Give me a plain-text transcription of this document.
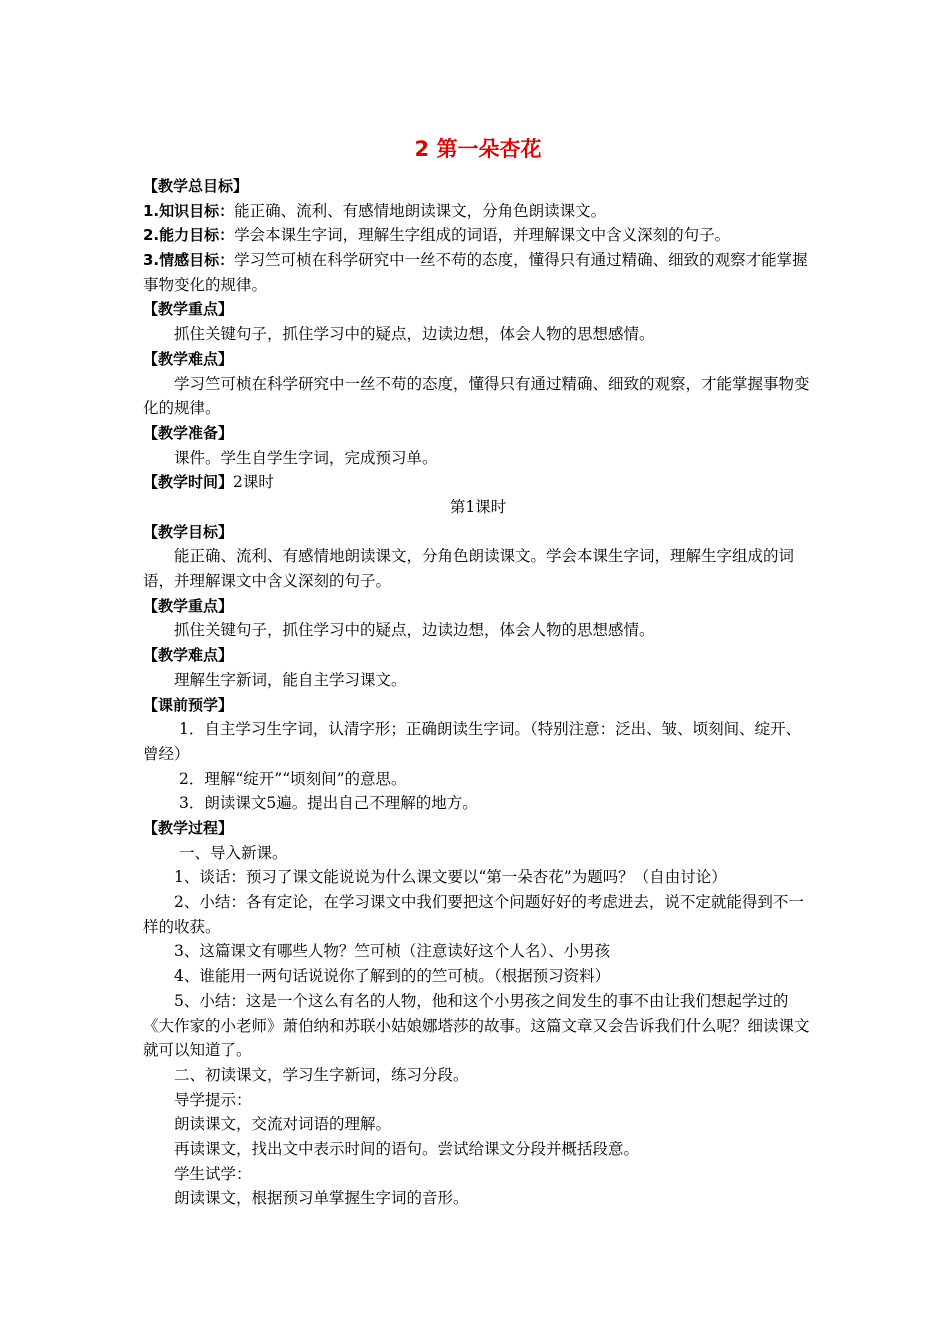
2 第一朵杏花
【教学总目标】
1.知识目标：能正确、流利、有感情地朗读课文，分角色朗读课文。
2.能力目标：学会本课生字词，理解生字组成的词语，并理解课文中含义深刻的句子。
3.情感目标：学习竺可桢在科学研究中一丝不苟的态度，懂得只有通过精确、细致的观察才能掌握事物变化的规律。
【教学重点】
抓住关键句子，抓住学习中的疑点，边读边想，体会人物的思想感情。
【教学难点】
学习竺可桢在科学研究中一丝不苟的态度，懂得只有通过精确、细致的观察，才能掌握事物变化的规律。
【教学准备】
课件。学生自学生字词，完成预习单。
【教学时间】2课时
第1课时
【教学目标】
能正确、流利、有感情地朗读课文，分角色朗读课文。学会本课生字词，理解生字组成的词语，并理解课文中含义深刻的句子。
【教学重点】
抓住关键句子，抓住学习中的疑点，边读边想，体会人物的思想感情。
【教学难点】
理解生字新词，能自主学习课文。
【课前预学】
1．自主学习生字词，认清字形；正确朗读生字词。（特别注意：泛出、皱、顷刻间、绽开、曾经）
2．理解“绽开”“顷刻间”的意思。
3．朗读课文5遍。提出自己不理解的地方。
【教学过程】
一、导入新课。
1、谈话：预习了课文能说说为什么课文要以“第一朵杏花”为题吗？（自由讨论）
2、小结：各有定论，在学习课文中我们要把这个问题好好的考虑进去，说不定就能得到不一样的收获。
3、这篇课文有哪些人物？竺可桢（注意读好这个人名）、小男孩
4、谁能用一两句话说说你了解到的的竺可桢。（根据预习资料）
5、小结：这是一个这么有名的人物，他和这个小男孩之间发生的事不由让我们想起学过的《大作家的小老师》萧伯纳和苏联小姑娘娜塔莎的故事。这篇文章又会告诉我们什么呢？细读课文就可以知道了。
二、初读课文，学习生字新词，练习分段。
导学提示：
朗读课文，交流对词语的理解。
再读课文，找出文中表示时间的语句。尝试给课文分段并概括段意。
学生试学：
朗读课文，根据预习单掌握生字词的音形。
